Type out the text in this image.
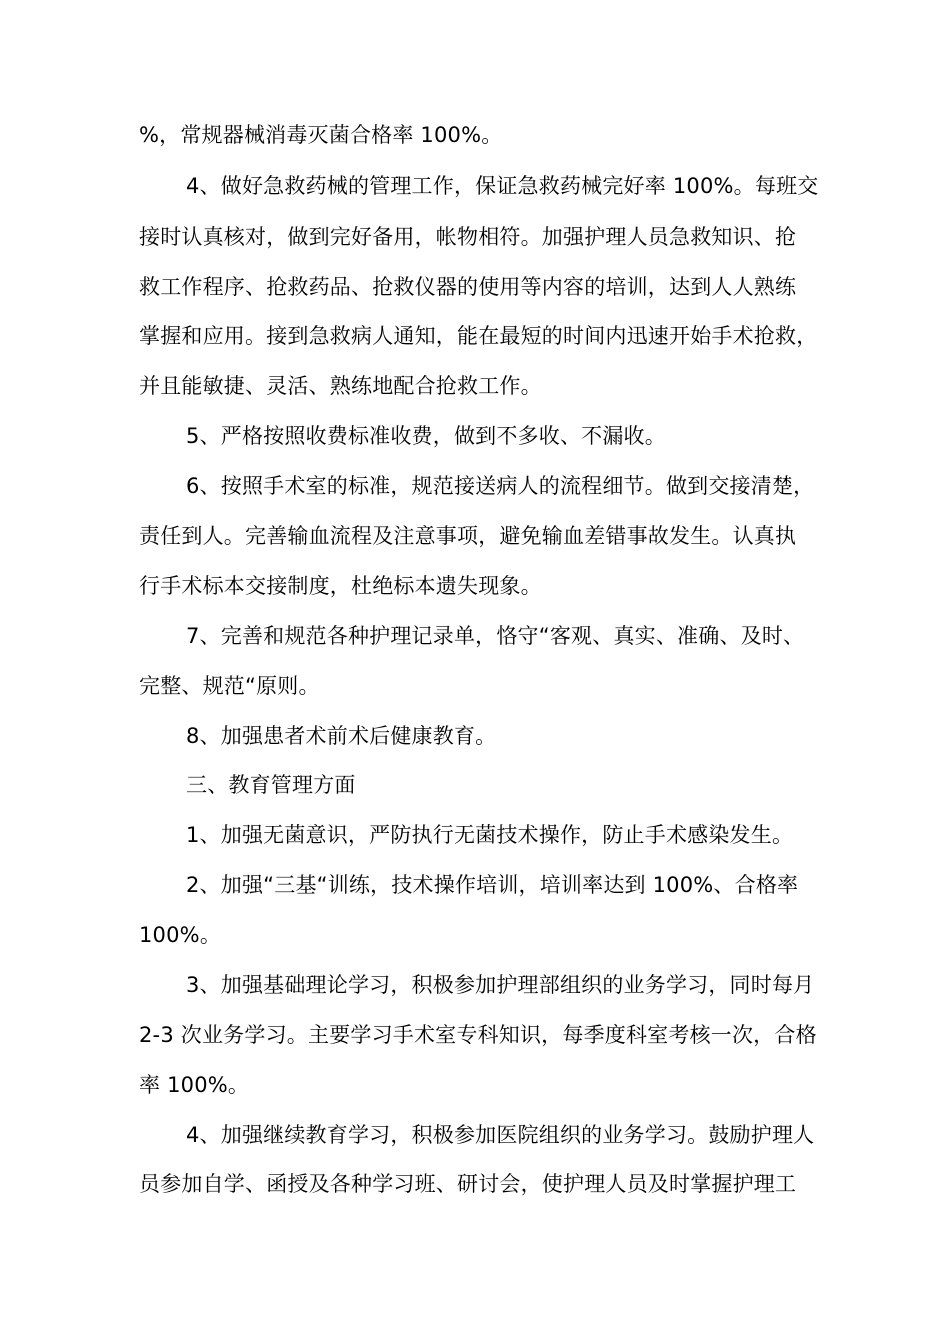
%，常规器械消毒灭菌合格率 100%。
4、做好急救药械的管理工作，保证急救药械完好率 100%。每班交
接时认真核对，做到完好备用，帐物相符。加强护理人员急救知识、抢
救工作程序、抢救药品、抢救仪器的使用等内容的培训，达到人人熟练
掌握和应用。接到急救病人通知，能在最短的时间内迅速开始手术抢救，
并且能敏捷、灵活、熟练地配合抢救工作。
5、严格按照收费标准收费，做到不多收、不漏收。
6、按照手术室的标准，规范接送病人的流程细节。做到交接清楚，
责任到人。完善输血流程及注意事项，避免输血差错事故发生。认真执
行手术标本交接制度，杜绝标本遗失现象。
7、完善和规范各种护理记录单，恪守“客观、真实、准确、及时、
完整、规范“原则。
8、加强患者术前术后健康教育。
三、教育管理方面
1、加强无菌意识，严防执行无菌技术操作，防止手术感染发生。
2、加强“三基“训练，技术操作培训，培训率达到 100%、合格率
100%。
3、加强基础理论学习，积极参加护理部组织的业务学习，同时每月
2-3 次业务学习。主要学习手术室专科知识，每季度科室考核一次，合格
率 100%。
4、加强继续教育学习，积极参加医院组织的业务学习。鼓励护理人
员参加自学、函授及各种学习班、研讨会，使护理人员及时掌握护理工
